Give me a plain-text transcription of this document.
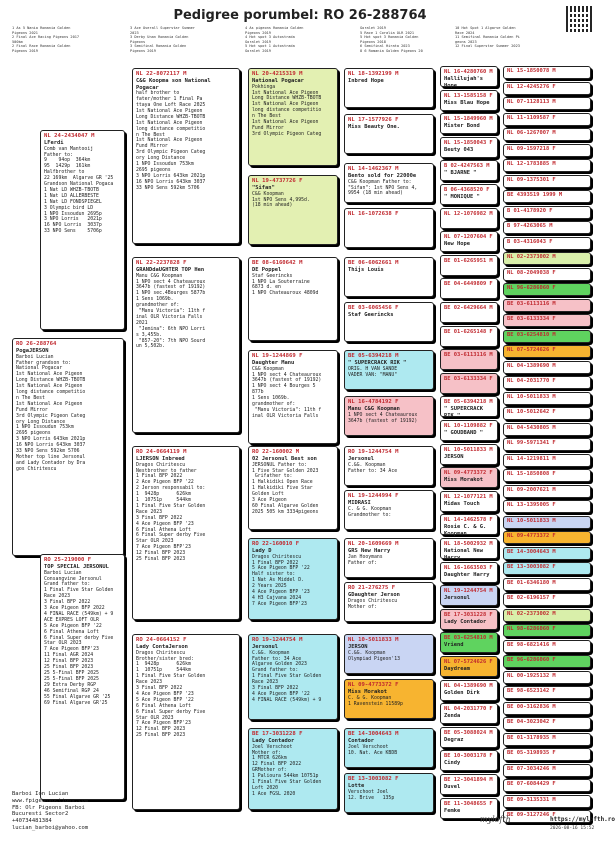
Pedigree porumbel: RO 26-288764
1 As 5 Nania Romania Golden
Pigeons 2021
2 Final Ace Racing Pigeons 2017
500km
2 Final Race Romania Golden
Pigeons 2019
3 Ace Overall Superstar Summer
2023
3 Derby Unan Romania Golden
Pigeons
3 Semifinal Romania Golden
Pigeons 2019
4 As pigeons Romania Golden
Pigeons 2019
4 Hot spot 3 Autostrada
Goralet 2019
5 Hot spot 1 Autostrada
Goralet 2019
Goralet 2019
5 Race 1 Coralia OLR 2021
5 Hot spot 3 Romania Golden
Pigeons 2018
6 Semifinal Hirata 2023
8 6 Romania Golden Pigeons 20
10 Hot Spot 1 Algarve Golden
Race 2024
11 Semifinal Romania Golden Pi
geons 2023
12 Final Superstar Summer 2023
RO 26-288764
PogaJERSON
Barboi Lucian
Father grandson to:
National Pogacar
1st National Ace Pigeon
Long Distance WHZB-TBOTB
1st National Ace Pigeon
long distance competitio
n The Best
1st National Ace Pigeon
Fund Mirror
3rd Olympic Pigeon Categ
ory Long Distance
1 NPO Issoudun 753km
2695 pigeons
3 NPO Lorris 643km 2021p
16 NPO Lorris 643km 3037
33 NPO Sens 592km 5706
Mother top line Jersonul
and Lady Contador by Dra
gos Chiritescu
NL 24-2434047 M
LFerdi
Comb van Mantooij
Father to:
9    94op  364km
95  1429p  161km
Halfbrother to
22 169km  Algarve GR '25
Grandson National Pogaca
1 Nat LD WHZB-TBOTB
1 Nat LD ALLERBESTE
1 Nat LD FONDSPIEGEL
3 Olympic bird LD
1 NPO Issoudun 2695p
3 NPO Lorris   2021p
16 NPO Lorris  3037p
33 NPO Sens    5706p
RO 25-219000 F
TOP SPECIAL JERSONUL
Barboi Lucian
Consangvine Jersonul
Grand father to:
1 Final Five Star Golden
Race 2023
3 Final BFP 2022
3 Ace Pigeon BFP 2022
4 FINAL RACE (549km) + 9
ACE EXPRES LOFT OLR
5 Ace Pigeon BFP '22
6 Final Athena Loft
6 Final Super derby Five
Star OLR 2023
7 Ace Pigeon BFP'23
11 Final AGR 2024
12 Final BFP 2023
25 Final BFP 2023
25 5-Final BFP 2025
25 5-Final BFP 2025
29 Extra Derby RGP
46 Semifinal RGP 24
55 Final Algarve GR '25
69 Final Algarve GR'25
NL 22-8072117 M
C&G Koopma son National Pogacar
half brother to
fater/mother 1 Final Pa
ttaya One Loft Race 2025
1st National Ace Pigeon
Long Distance WHZB-TBOTB
1st National Ace Pigeon
long distance competitio
n The Best
1st National Ace Pigeon
Fund Mirror
3rd Olympic Pigeon Categ
ory Long Distance
1 NPO Issoudun 753km
2695 pigeons
3 NPO Lorris 643km 2021p
16 NPO Lorris 643km 3037
33 NPO Sens 592km 5706
NL 22-2237828 F
GRANDdaUGHTER TOP Hen
Manu C&G Koopman
1 NPO sect 4 Chateauroux
3647b (fastest of 19192)
1 NPO sec.4Bourges 5877b
1 Sens 1069b.
grandmother of:
"Manu Victoria": 11th f
inal OLR Victoria Falls
2021
"Jemina": 6th NPO Lorri
s 3,455b.
"857-20": 7th NPO Sourd
un 5,502b.
RO 24-0664119 M
LJERSON Inbreed
Dragos Chiritescu
Nestbrother to father
1 Final BFP 2022
2 Ace Pigeon BFP '22
2 Jerson responsabil to:
1  9428p      626km
1  10751p     544km
1 Final Five Star Golden
Race 2023
3 Final BFP 2022
4 Ace Pigeon BFP '23
6 Final Athena Loft
6 Final Super derby Five
Star OLR 2023
7 Ace Pigeon BFP'23
12 Final BFP 2023
25 Final BFP 2023
RO 24-0664152 F
Lady ContaJerson
Dragos Chiritescu
Brother/sister bred:
1  9428p      626km
1  10751p     544km
1 Final Five Star Golden
Race 2023
3 Final BFP 2022
4 Ace Pigeon BFP '23
5 Ace Pigeon BFP '22
6 Final Athena Loft
6 Final Super derby Five
Star OLR 2023
7 Ace Pigeon BFP'23
12 Final BFP 2023
25 Final BFP 2023
NL 20-4215319 M
National Pogacar
Pokhinga
1st National Ace Pigeon
Long Distance WHZB-TBOTB
1st National Ace Pigeon
long distance competitio
n The Best
1st National Ace Pigeon
Fund Mirror
3rd Olympic Pigeon Categ
NL 19-4737726 F
"Sifan"
C&G Koopman
1st NPO Sens 4,995d.
(18 min ahead)
BE 08-6160642 M
DE Poppel
Staf Geerincks
1 NPO La Souterraine
6873 d. en
1 NPO Chateauroux 4809d
NL 19-1244869 F
Daughter Manu
C&G Koopman
1 NPO sect 4 Chateauroux
3647b (fastest of 19192)
1 NPO sect 4 Bourges 5
877b
1 Sens 1069b.
grandmother of:
"Manu Victoria": 11th f
inal OLR Victoria Falls
RO 22-160002 M
02 Jersonul Best son
JERSONUL Father to:
1 Five Star Golden 2023
Grifather to:
1 Halkidiki Open Race
1 Halkidiki Five Star
Golden Loft
3 Ace Pigeon
60 Final Algarve Golden
2025 505 km 3334pigeons
RO 22-160010 F
Lady D
Dragos Chiritescu
1 Final BFP 2022
5 Ace Pigeon BFP '22
Half sister to:
1 Nat As Middel D.
2 Years 2025
4 Ace Pigeon BFP '23
4 H3 Cajvana 2024
7 Ace Pigeon BFP'23
RO 19-1244754 M
Jersonul
C.&G. Koopman
Father to: 34 Ace
Algarve Golden 2023
Grand father to:
1 Final Five Star Golden
Race 2023
3 Final BFP 2022
4 Ace Pigeon BFP '22
4 FINAL RACE (549km) + 9
BE 17-3031228 F
Lady Contador
Joel Verschoot
Mother of:
1 MTCR 626km
12 Final BFP 2022
GRMother of:
1 Palioura 544km 10751p
1 Final Five Star Golden
Loft 2020
1 Ace FGSL 2020
NL 18-1392199 M
Inbred Hope
NL 17-1577926 F
Miss Beauty One.
NL 14-1462367 M
Bento sold for 22000e
C&G Koopman Father to:
"Sifan": 1st NPO Sens 4,
9954 (18 min ahead)
NL 16-1072638 F
BE 06-6062661 M
Thijs Louis
BE 03-6065456 F
Staf Geerincks
BE 05-6394218 M
" SUPERCRACK RIK "
ORIG. H VAN SANDE
VADER VAN: "MANU"
NL 16-4784192 F
Manu C&G Koopman
1 NPO sect 4 Chateauroux
3647b (fastest of 19192)
RO 19-1244754 M
Jersonul
C.&G. Koopman
Father to: 34 Ace
NL 19-1244994 F
MIDRASI
C. & G. Koopman
Grandmother to:
NL 20-1609669 M
GRS New Harry
Jan Hooymans
Father of:
RO 21-276275 F
GDaughter Jerson
Dragos Chiritescu
Mother of:
NL 10-5011833 M
JERSON
C.&G. Koopman
Olympiad Pigeon'13
NL 09-4773372 F
Miss Morakot
C. & G. Koopman
1 Ravenstein 11589p
BE 14-3004643 M
Contador
Joel Verschoot
10. Nat. Ace KBDB
BE 13-3003082 F
Lotte
Verschoot Joel
12. Brive   135p
NL 16-4280760 M
Hallilujah's Hope
NL 13-1585158 F
Miss Blau Hope
NL 15-1849960 M
Mister Bond
NL 15-1850043 F
Beuty 043
B 02-4247563 M
" BJARNE "
B 06-4368520 F
" MONIQUE "
NL 12-1076982 M
NL 07-1207604 F
New Hope
BE 01-6265951 M
BE 04-6449809 F
BE 02-6429664 M
BE 01-6265148 F
BE 03-6113116 M
BE 03-6133334 F
BE 05-6394218 M
" SUPERCRACK RIK "
NL 10-1109882 F
" GOUDBAND "
NL 10-5011833 M
JERSON
NL 09-4773372 F
Miss Morakot
NL 12-1077121 M
Midas Touch
NL 14-1462578 F
Rosie C. & G. Koopman
NL 18-5002932 M
National New Harry
NL 16-1663503 F
Daughter Harry
NL 19-1244754 M
Jersonul
BE 17-3031228 F
Lady Contador
BE 03-6254810 M
Vriend
NL 07-5724626 F
Daydream
NL 04-1389690 M
Golden Dirk
NL 04-2031770 F
Zenda
BE 05-3088024 M
Degraz
BE 10-3003178 F
Cindy
BE 12-3041894 M
Duvel
BE 11-3048655 F
Femke
NL 15-1850078 M
NL 12-4245276 F
NL 07-1128113 M
NL 11-1109587 F
NL 06-1267007 M
NL 09-1597218 F
NL 12-1783885 M
NL 09-1375301 F
BE 4393519 1999 M
B 01-4178920 F
B 97-4263065 M
B 03-4316043 F
NL 02-2373002 M
NL 08-2049038 F
NL 96-6286060 F
BE 03-6113116 M
BE 03-6133334 F
BE 03-6254810 M
NL 07-5724626 F
NL 04-1389690 M
NL 04-2031770 F
NL 10-5011833 M
NL 10-5012642 F
NL 04-5430805 M
NL 99-5971341 F
NL 14-1219811 M
NL 15-1850808 F
NL 09-2007621 M
NL 13-1395005 F
NL 10-5011833 M
NL 09-4773372 F
BE 14-3004643 M
BE 13-3003082 F
BE 01-6346180 M
BE 02-6196157 F
NL 02-2373002 M
NL 98-6286060 F
BE 98-6821416 M
BE 96-6286060 F
NL 00-1925132 M
BE 98-6523142 F
BE 00-3162836 M
BE 04-3023042 F
BE 01-3178935 M
BE 05-3198935 F
BE 07-3034246 M
BE 07-6084429 F
BE 09-3135331 M
BE 09-3127246 F
Barboi Ion Lucian
www.fpigeonauctions.com
FB: Olr Pigeons Barboi
Bucuresti Sector2
+40734481384
lucian_barboi@yahoo.com
mylofth	https://mylofth.ro
2026-08-16 15:52
